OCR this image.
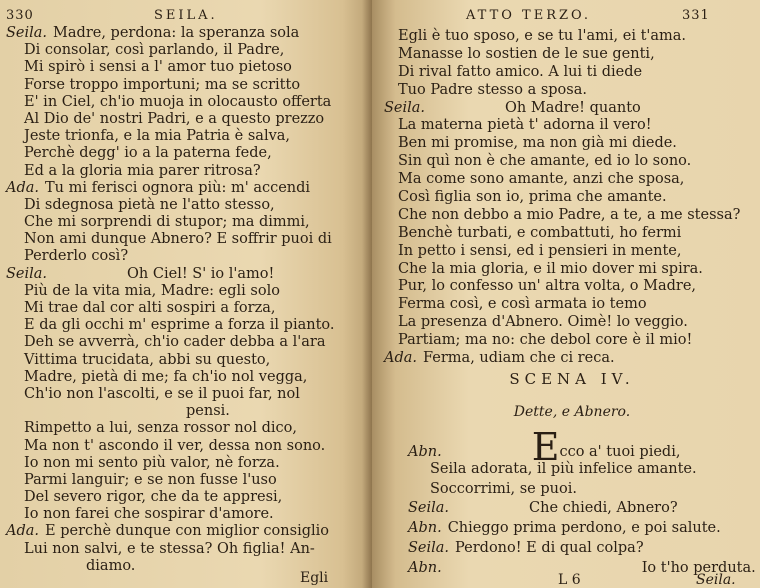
330	SEILA.
Seila. Madre, perdona: la speranza sola
Di consolar, così parlando, il Padre,
Mi spirò i sensi a l' amor tuo pietoso
Forse troppo importuni; ma se scritto
E' in Ciel, ch'io muoja in olocausto offerta
Al Dio de' nostri Padri, e a questo prezzo
Jeste trionfa, e la mia Patria è salva,
Perchè degg' io a la paterna fede,
Ed a la gloria mia parer ritrosa?
Ada. Tu mi ferisci ognora più: m' accendi
Di sdegnosa pietà ne l'atto stesso,
Che mi sorprendi di stupor; ma dimmi,
Non ami dunque Abnero? E soffrir puoi di
Perderlo così?
Seila.	Oh Ciel! S' io l'amo!
Più de la vita mia, Madre: egli solo
Mi trae dal cor alti sospiri a forza,
E da gli occhi m' esprime a forza il pianto.
Deh se avverrà, ch'io cader debba a l'ara
Vittima trucidata, abbi su questo,
Madre, pietà di me; fa ch'io nol vegga,
Ch'io non l'ascolti, e se il puoi far, nol
pensi.
Rimpetto a lui, senza rossor nol dico,
Ma non t' ascondo il ver, dessa non sono.
Io non mi sento più valor, nè forza.
Parmi languir; e se non fusse l'uso
Del severo rigor, che da te appresi,
Io non farei che sospirar d'amore.
Ada. E perchè dunque con miglior consiglio
Lui non salvi, e te stessa? Oh figlia! An-
diamo.
Egli
ATTO TERZO.	331
Egli è tuo sposo, e se tu l'ami, ei t'ama.
Manasse lo sostien de le sue genti,
Di rival fatto amico. A lui ti diede
Tuo Padre stesso a sposa.
Seila.	Oh Madre! quanto
La materna pietà t' adorna il vero!
Ben mi promise, ma non già mi diede.
Sin quì non è che amante, ed io lo sono.
Ma come sono amante, anzi che sposa,
Così figlia son io, prima che amante.
Che non debbo a mio Padre, a te, a me stessa?
Benchè turbati, e combattuti, ho fermi
In petto i sensi, ed i pensieri in mente,
Che la mia gloria, e il mio dover mi spira.
Pur, lo confesso un' altra volta, o Madre,
Ferma così, e così armata io temo
La presenza d'Abnero. Oimè! lo veggio.
Partiam; ma no: che debol core è il mio!
Ada. Ferma, udiam che ci reca.
SCENA IV.
Dette, e Abnero.
Abn. Ecco a' tuoi piedi,
Seila adorata, il più infelice amante.
Soccorrimi, se puoi.
Seila.	Che chiedi, Abnero?
Abn. Chieggo prima perdono, e poi salute.
Seila. Perdono! E di qual colpa?
Abn.	Io t'ho perduta.
L 6	Seila.
